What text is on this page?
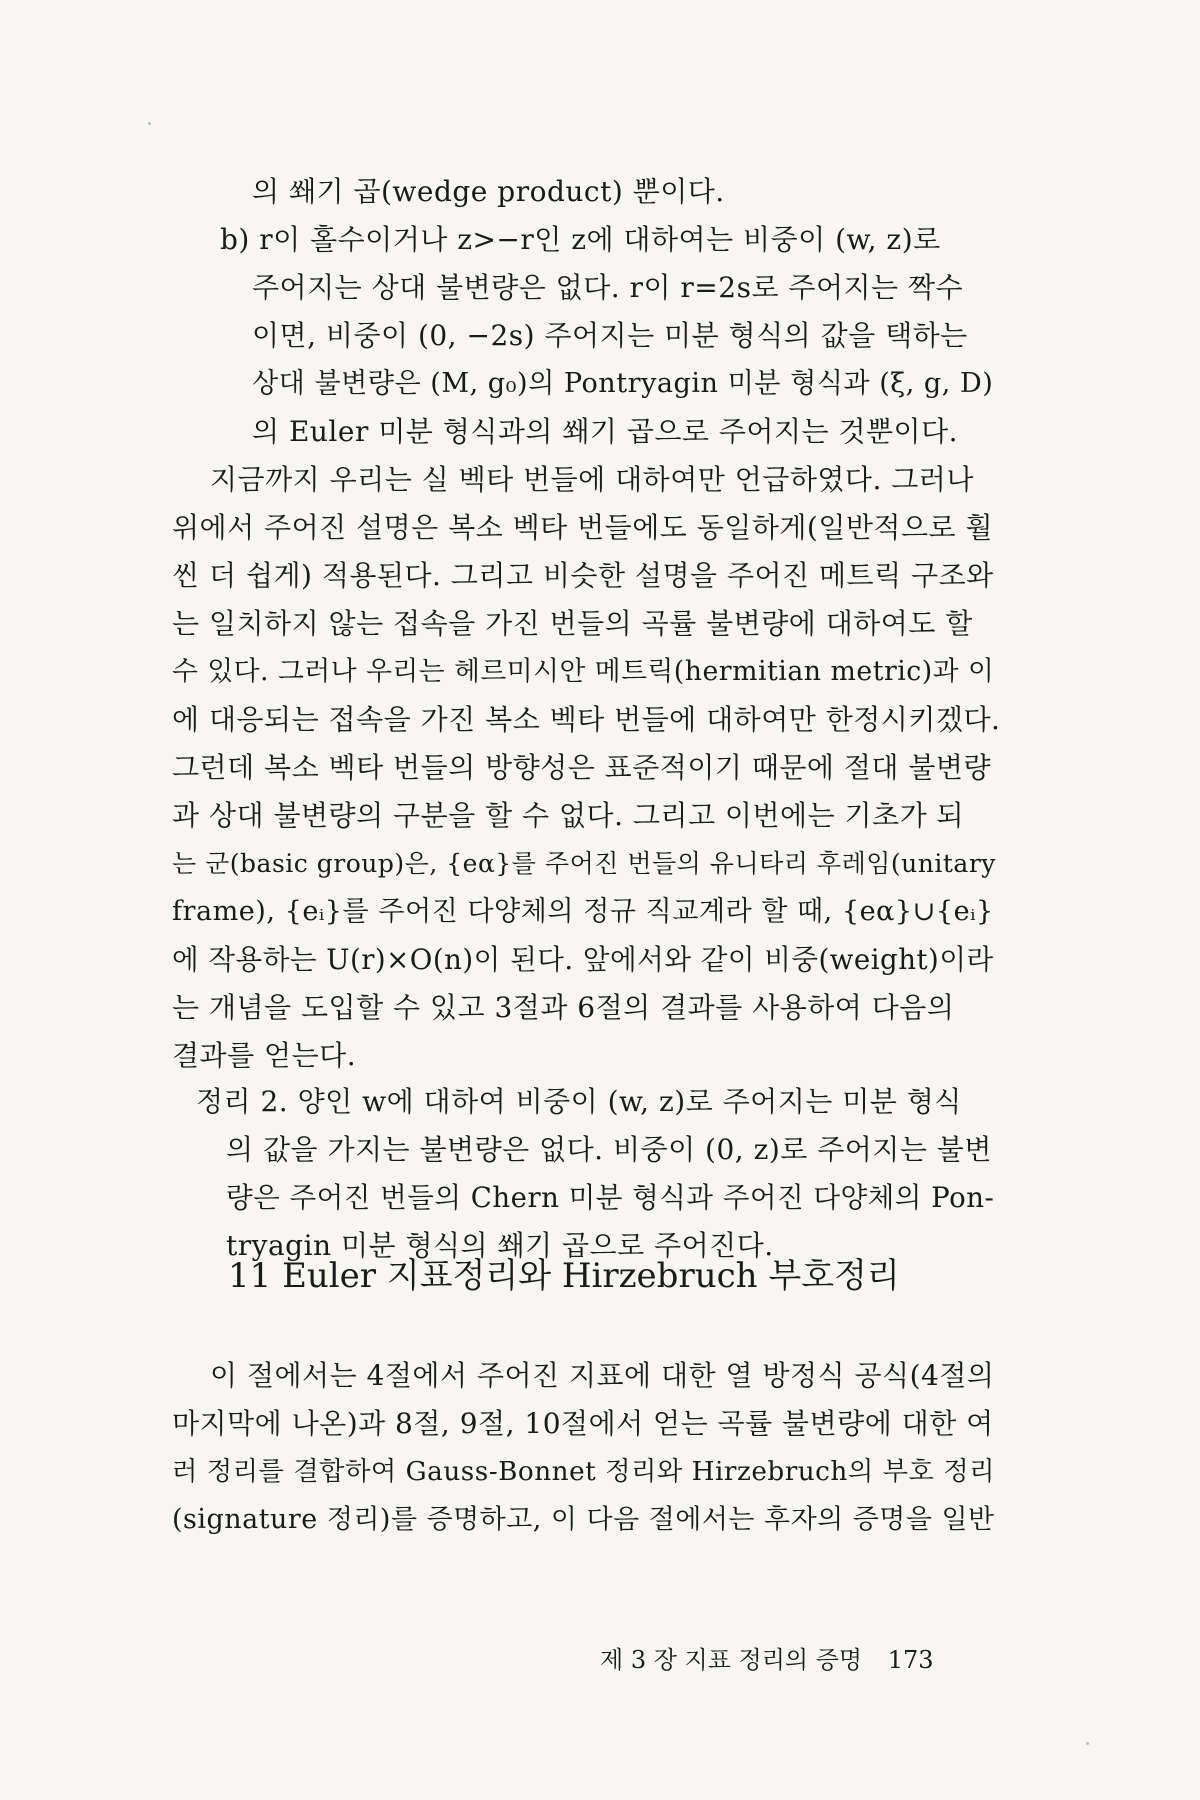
의 쐐기 곱(wedge product) 뿐이다.
b) r이 홀수이거나 z>−r인 z에 대하여는 비중이 (w, z)로
주어지는 상대 불변량은 없다. r이 r=2s로 주어지는 짝수
이면, 비중이 (0, −2s) 주어지는 미분 형식의 값을 택하는
상대 불변량은 (M, g₀)의 Pontryagin 미분 형식과 (ξ, g, D)
의 Euler 미분 형식과의 쐐기 곱으로 주어지는 것뿐이다.
지금까지 우리는 실 벡타 번들에 대하여만 언급하였다. 그러나
위에서 주어진 설명은 복소 벡타 번들에도 동일하게(일반적으로 훨
씬 더 쉽게) 적용된다. 그리고 비슷한 설명을 주어진 메트릭 구조와
는 일치하지 않는 접속을 가진 번들의 곡률 불변량에 대하여도 할
수 있다. 그러나 우리는 헤르미시안 메트릭(hermitian metric)과 이
에 대응되는 접속을 가진 복소 벡타 번들에 대하여만 한정시키겠다.
그런데 복소 벡타 번들의 방향성은 표준적이기 때문에 절대 불변량
과 상대 불변량의 구분을 할 수 없다. 그리고 이번에는 기초가 되
는 군(basic group)은, {eα}를 주어진 번들의 유니타리 후레임(unitary
frame), {eᵢ}를 주어진 다양체의 정규 직교계라 할 때, {eα}∪{eᵢ}
에 작용하는 U(r)×O(n)이 된다. 앞에서와 같이 비중(weight)이라
는 개념을 도입할 수 있고 3절과 6절의 결과를 사용하여 다음의
결과를 얻는다.
정리 2. 양인 w에 대하여 비중이 (w, z)로 주어지는 미분 형식
의 값을 가지는 불변량은 없다. 비중이 (0, z)로 주어지는 불변
량은 주어진 번들의 Chern 미분 형식과 주어진 다양체의 Pon-
tryagin 미분 형식의 쐐기 곱으로 주어진다.
11 Euler 지표정리와 Hirzebruch 부호정리
이 절에서는 4절에서 주어진 지표에 대한 열 방정식 공식(4절의
마지막에 나온)과 8절, 9절, 10절에서 얻는 곡률 불변량에 대한 여
러 정리를 결합하여 Gauss-Bonnet 정리와 Hirzebruch의 부호 정리
(signature 정리)를 증명하고, 이 다음 절에서는 후자의 증명을 일반
제 3 장 지표 정리의 증명 173
